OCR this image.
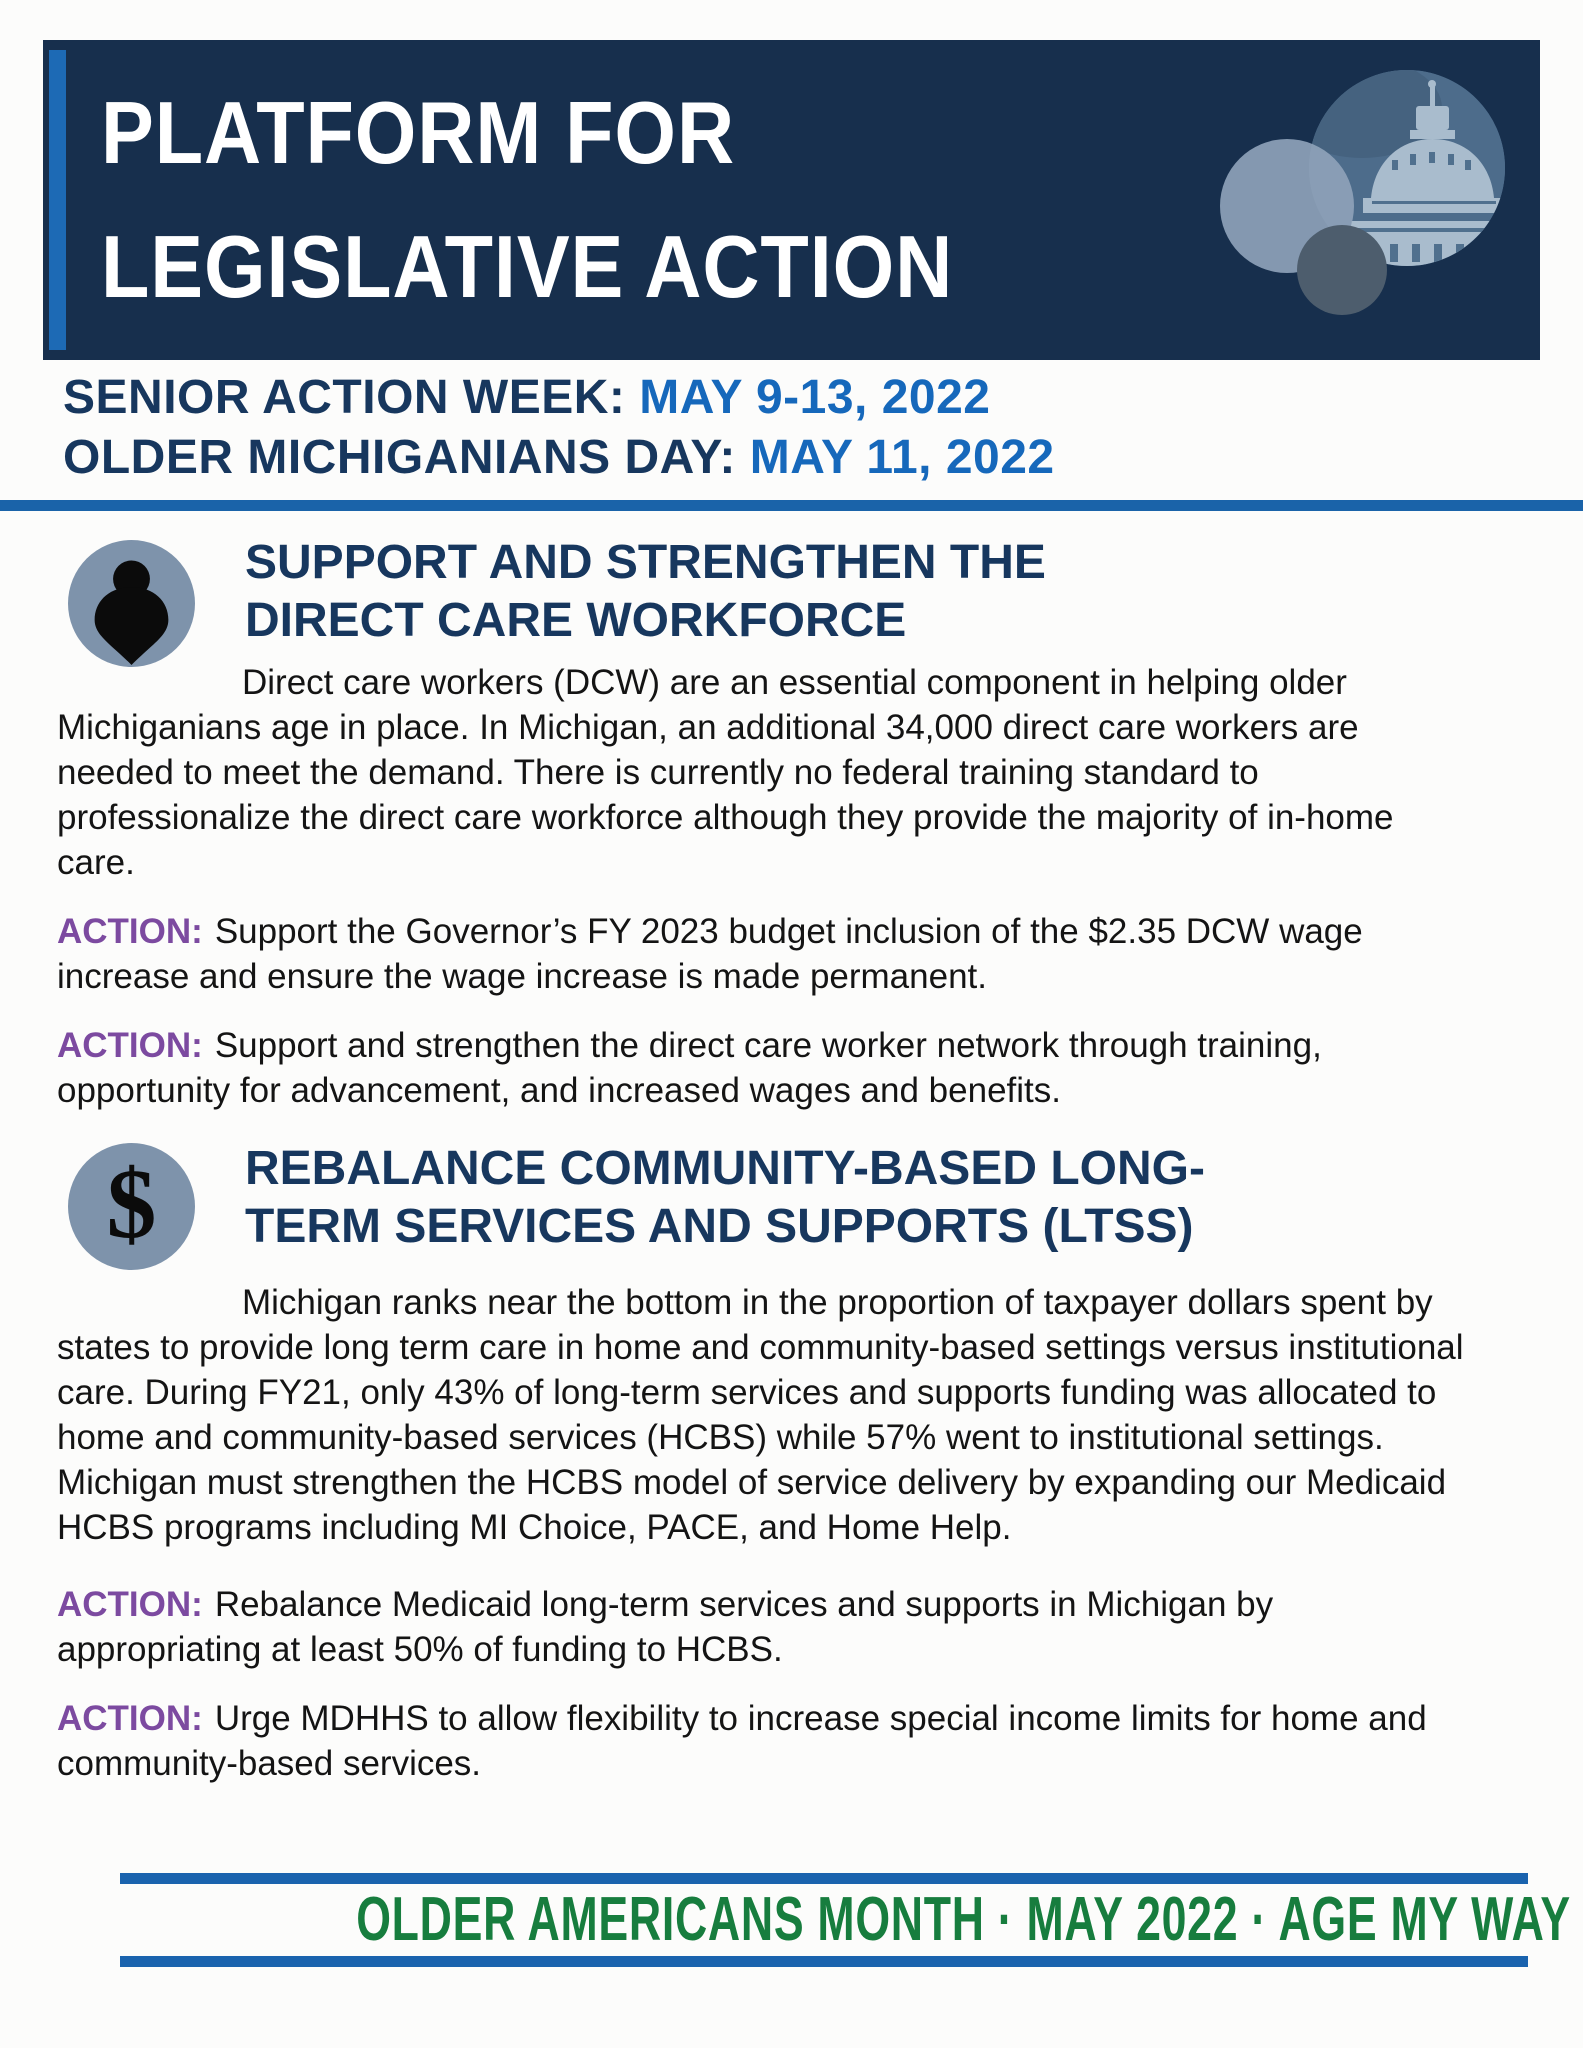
PLATFORM FOR
LEGISLATIVE ACTION
SENIOR ACTION WEEK: MAY 9-13, 2022
OLDER MICHIGANIANS DAY: MAY 11, 2022
SUPPORT AND STRENGTHEN THE
DIRECT CARE WORKFORCE

Direct care workers (DCW) are an essential component in helping older Michiganians age in place. In Michigan, an additional 34,000 direct care workers are needed to meet the demand. There is currently no federal training standard to professionalize the direct care workforce although they provide the majority of in-home care.

ACTION: Support the Governor’s FY 2023 budget inclusion of the $2.35 DCW wage increase and ensure the wage increase is made permanent.

ACTION: Support and strengthen the direct care worker network through training, opportunity for advancement, and increased wages and benefits.

$ REBALANCE COMMUNITY-BASED LONG-
TERM SERVICES AND SUPPORTS (LTSS)

Michigan ranks near the bottom in the proportion of taxpayer dollars spent by states to provide long term care in home and community-based settings versus institutional care. During FY21, only 43% of long-term services and supports funding was allocated to home and community-based services (HCBS) while 57% went to institutional settings. Michigan must strengthen the HCBS model of service delivery by expanding our Medicaid HCBS programs including MI Choice, PACE, and Home Help.

ACTION: Rebalance Medicaid long-term services and supports in Michigan by appropriating at least 50% of funding to HCBS.

ACTION: Urge MDHHS to allow flexibility to increase special income limits for home and community-based services.

OLDER AMERICANS MONTH · MAY 2022 · AGE MY WAY
